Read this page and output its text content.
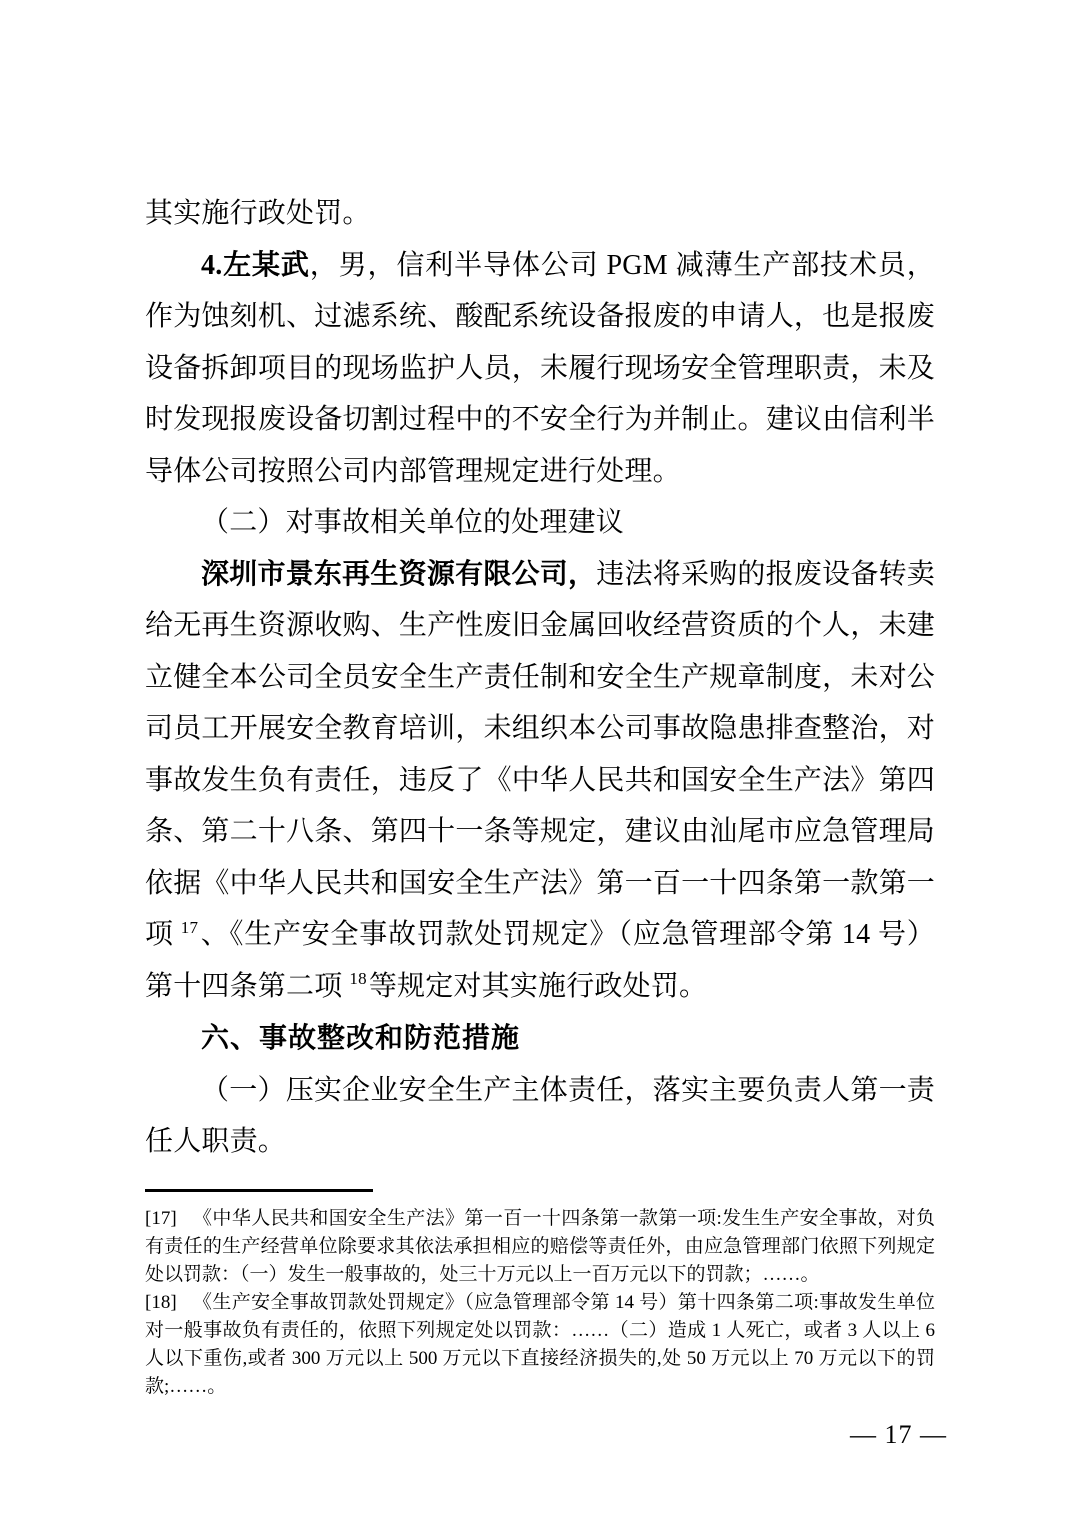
其实施行政处罚。

4.左某武，男，信利半导体公司 PGM 减薄生产部技术员，作为蚀刻机、过滤系统、酸配系统设备报废的申请人，也是报废设备拆卸项目的现场监护人员，未履行现场安全管理职责，未及时发现报废设备切割过程中的不安全行为并制止。建议由信利半导体公司按照公司内部管理规定进行处理。

（二）对事故相关单位的处理建议

深圳市景东再生资源有限公司，违法将采购的报废设备转卖给无再生资源收购、生产性废旧金属回收经营资质的个人，未建立健全本公司全员安全生产责任制和安全生产规章制度，未对公司员工开展安全教育培训，未组织本公司事故隐患排查整治，对事故发生负有责任，违反了《中华人民共和国安全生产法》第四条、第二十八条、第四十一条等规定，建议由汕尾市应急管理局依据《中华人民共和国安全生产法》第一百一十四条第一款第一项 $^{17}$、《生产安全事故罚款处罚规定》（应急管理部令第 14 号）第十四条第二项 $^{18}$等规定对其实施行政处罚。

六、事故整改和防范措施

（一）压实企业安全生产主体责任，落实主要负责人第一责任人职责。

[17] 《中华人民共和国安全生产法》第一百一十四条第一款第一项:发生生产安全事故，对负有责任的生产经营单位除要求其依法承担相应的赔偿等责任外，由应急管理部门依照下列规定处以罚款：（一）发生一般事故的，处三十万元以上一百万元以下的罚款；……。

[18] 《生产安全事故罚款处罚规定》（应急管理部令第 14 号）第十四条第二项:事故发生单位对一般事故负有责任的，依照下列规定处以罚款：……（二）造成 1 人死亡，或者 3 人以上 6 人以下重伤,或者 300 万元以上 500 万元以下直接经济损失的,处 50 万元以上 70 万元以下的罚款;……。

— 17 —
